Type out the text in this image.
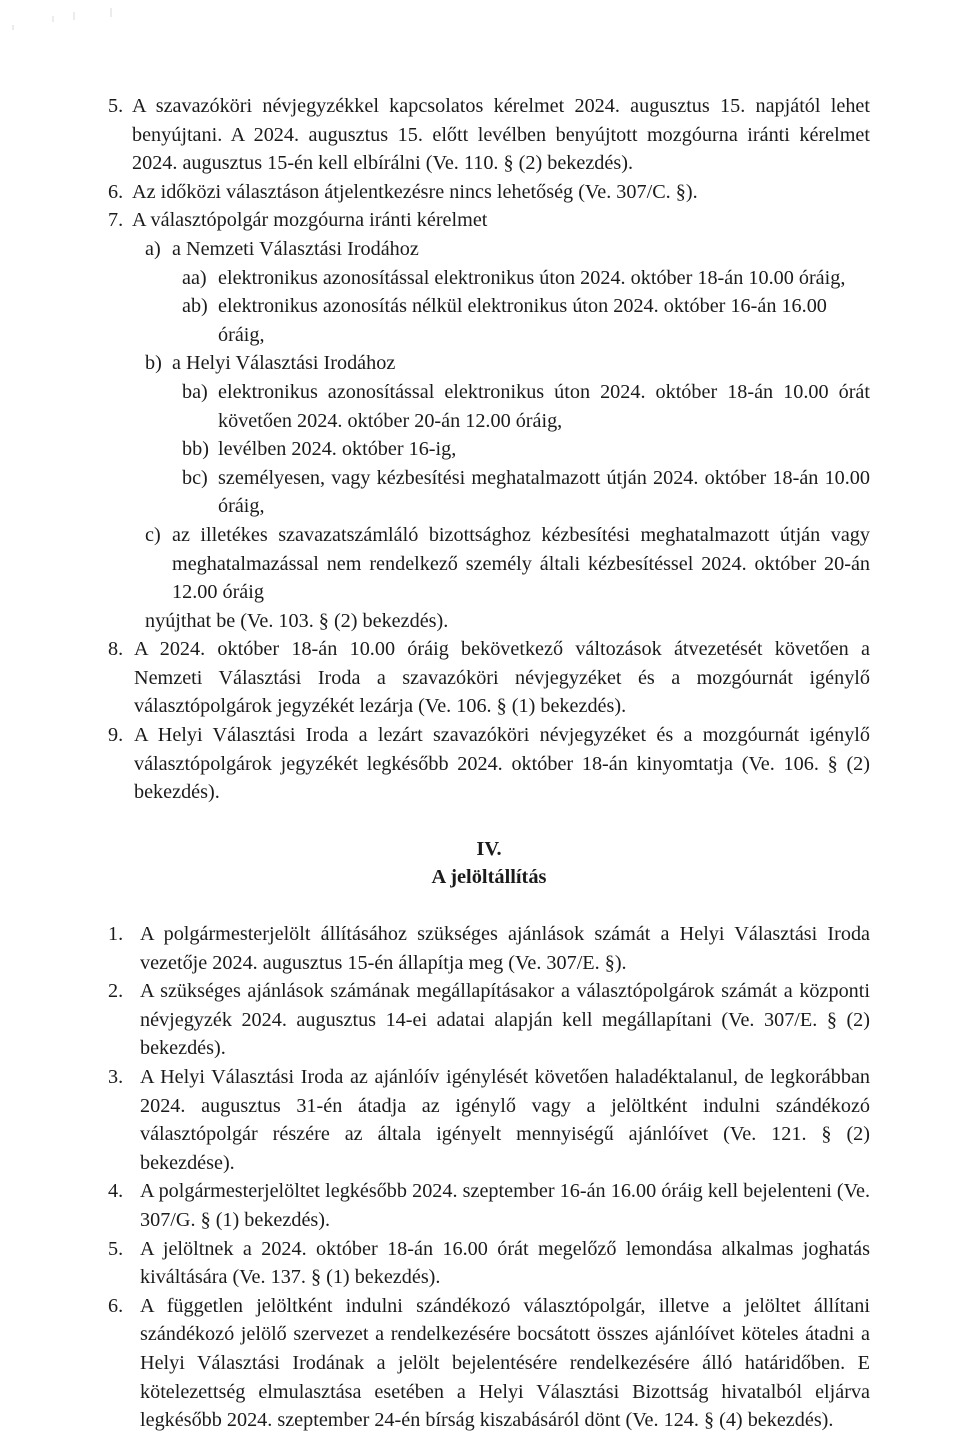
5. A szavazóköri névjegyzékkel kapcsolatos kérelmet 2024. augusztus 15. napjától lehet benyújtani. A 2024. augusztus 15. előtt levélben benyújtott mozgóurna iránti kérelmet 2024. augusztus 15-én kell elbírálni (Ve. 110. § (2) bekezdés).
6. Az időközi választáson átjelentkezésre nincs lehetőség (Ve. 307/C. §).
7. A választópolgár mozgóurna iránti kérelmet
a) a Nemzeti Választási Irodához
aa) elektronikus azonosítással elektronikus úton 2024. október 18-án 10.00 óráig,
ab) elektronikus azonosítás nélkül elektronikus úton 2024. október 16-án 16.00 óráig,
b) a Helyi Választási Irodához
ba) elektronikus azonosítással elektronikus úton 2024. október 18-án 10.00 órát követően 2024. október 20-án 12.00 óráig,
bb) levélben 2024. október 16-ig,
bc) személyesen, vagy kézbesítési meghatalmazott útján 2024. október 18-án 10.00 óráig,
c) az illetékes szavazatszámláló bizottsághoz kézbesítési meghatalmazott útján vagy meghatalmazással nem rendelkező személy általi kézbesítéssel 2024. október 20-án 12.00 óráig
nyújthat be (Ve. 103. § (2) bekezdés).
8. A 2024. október 18-án 10.00 óráig bekövetkező változások átvezetését követően a Nemzeti Választási Iroda a szavazóköri névjegyzéket és a mozgóurnát igénylő választópolgárok jegyzékét lezárja (Ve. 106. § (1) bekezdés).
9. A Helyi Választási Iroda a lezárt szavazóköri névjegyzéket és a mozgóurnát igénylő választópolgárok jegyzékét legkésőbb 2024. október 18-án kinyomtatja (Ve. 106. § (2) bekezdés).
IV.
A jelöltállítás
1. A polgármesterjelölt állításához szükséges ajánlások számát a Helyi Választási Iroda vezetője 2024. augusztus 15-én állapítja meg (Ve. 307/E. §).
2. A szükséges ajánlások számának megállapításakor a választópolgárok számát a központi névjegyzék 2024. augusztus 14-ei adatai alapján kell megállapítani (Ve. 307/E. § (2) bekezdés).
3. A Helyi Választási Iroda az ajánlóív igénylését követően haladéktalanul, de legkorábban 2024. augusztus 31-én átadja az igénylő vagy a jelöltként indulni szándékozó választópolgár részére az általa igényelt mennyiségű ajánlóívet (Ve. 121. § (2) bekezdése).
4. A polgármesterjelöltet legkésőbb 2024. szeptember 16-án 16.00 óráig kell bejelenteni (Ve. 307/G. § (1) bekezdés).
5. A jelöltnek a 2024. október 18-án 16.00 órát megelőző lemondása alkalmas joghatás kiváltására (Ve. 137. § (1) bekezdés).
6. A független jelöltként indulni szándékozó választópolgár, illetve a jelöltet állítani szándékozó jelölő szervezet a rendelkezésére bocsátott összes ajánlóívet köteles átadni a Helyi Választási Irodának a jelölt bejelentésére rendelkezésére álló határidőben. E kötelezettség elmulasztása esetében a Helyi Választási Bizottság hivatalból eljárva legkésőbb 2024. szeptember 24-én bírság kiszabásáról dönt (Ve. 124. § (4) bekezdés).
